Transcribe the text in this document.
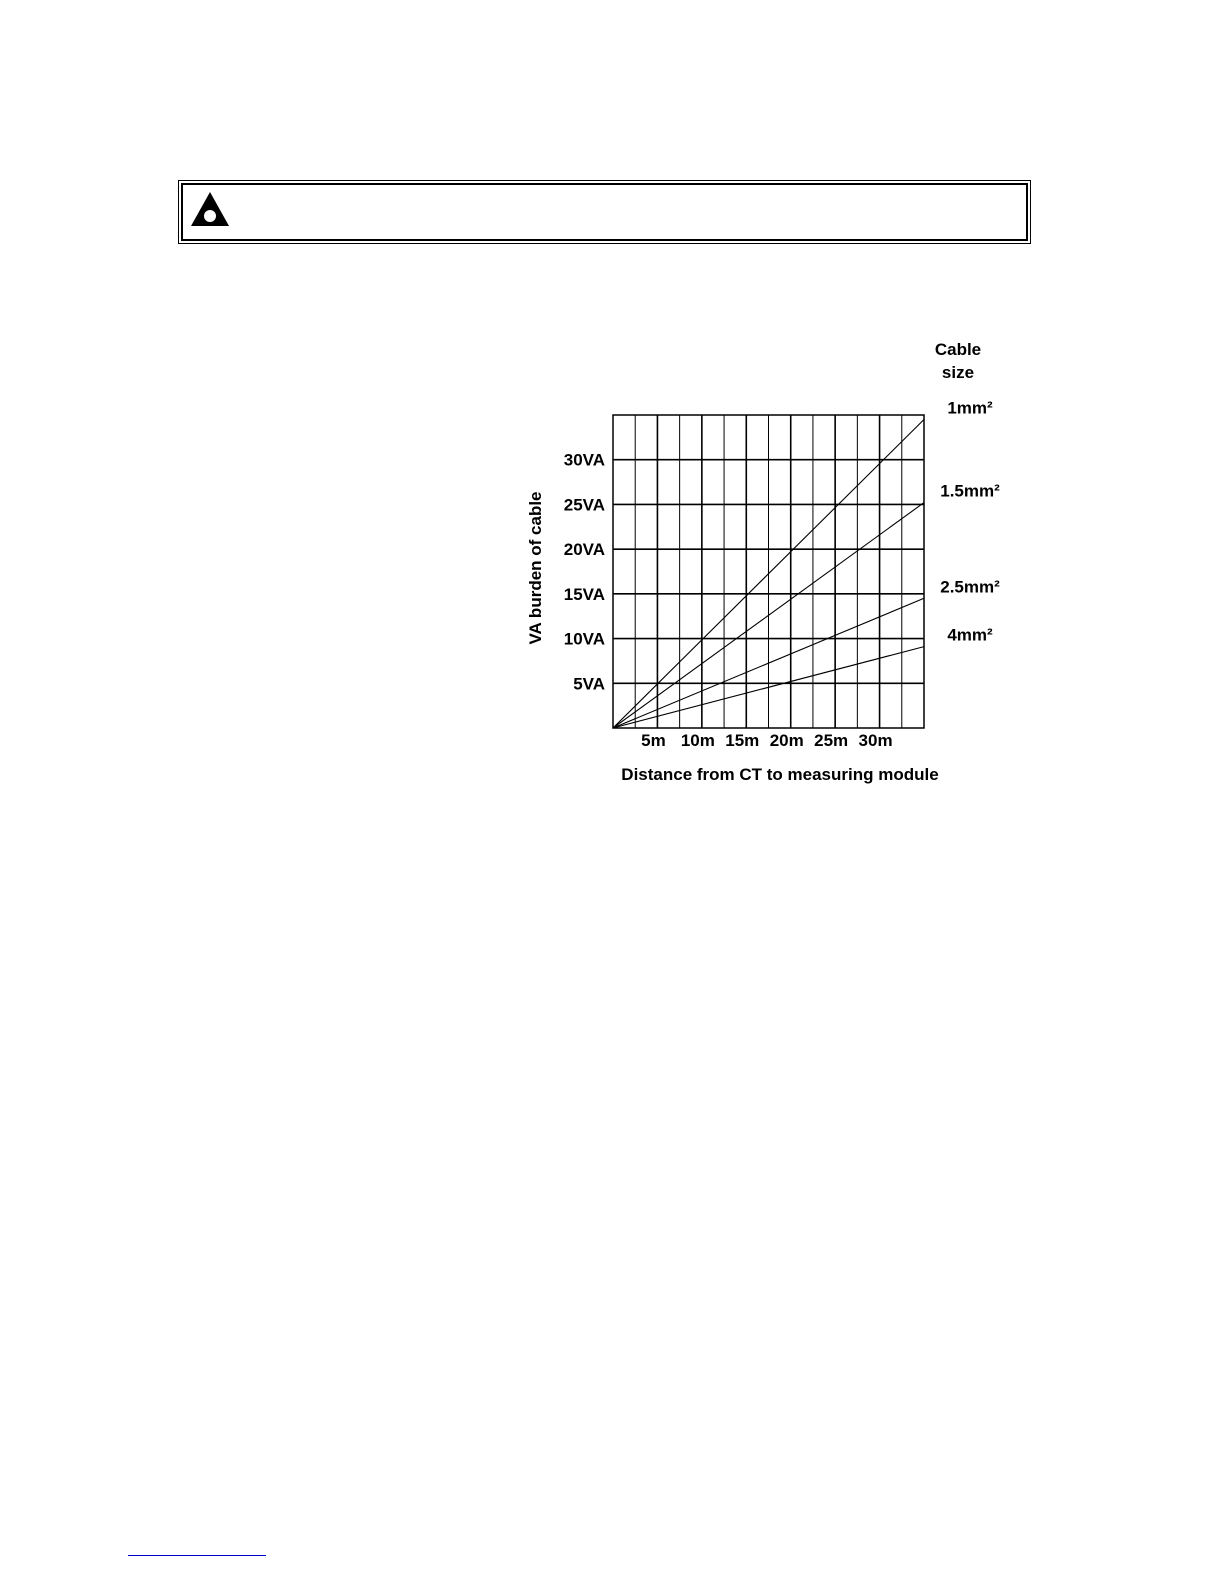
1mm²
1.5mm²
2.5mm²
4mm²
5VA
10VA
15VA
20VA
25VA
30VA
5m 10m 15m 20m 25m 30m
Distance from CT to measuring module
VA burden of cable
Cable
size
